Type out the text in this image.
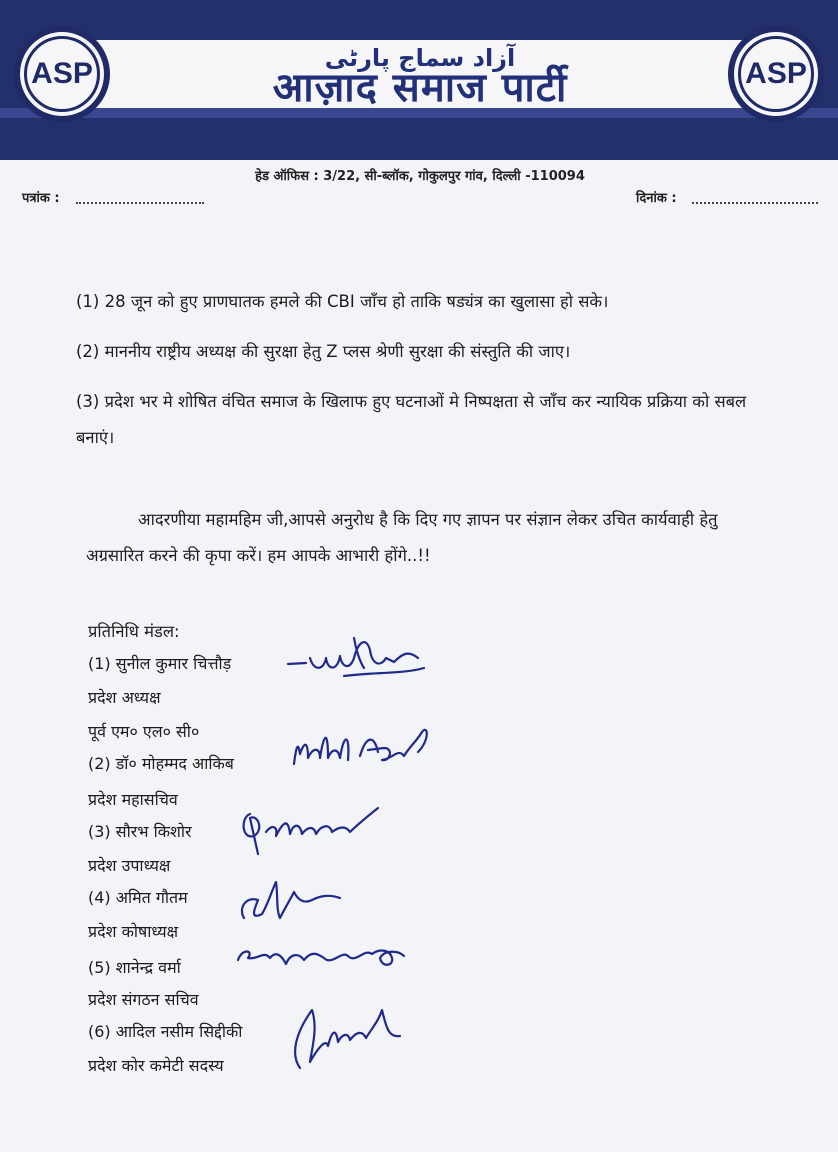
ASP	ASP
آزاد سماج پارٹی
आज़ाद समाज पार्टी
हेड ऑफिस : 3/22, सी-ब्लॉक, गोकुलपुर गांव, दिल्ली -110094
पत्रांक :	दिनांक :
(1) 28 जून को हुए प्राणघातक हमले की CBI जाँच हो ताकि षड्यंत्र का खुलासा हो सके।
(2) माननीय राष्ट्रीय अध्यक्ष की सुरक्षा हेतु Z प्लस श्रेणी सुरक्षा की संस्तुति की जाए।
(3) प्रदेश भर मे शोषित वंचित समाज के खिलाफ हुए घटनाओं मे निष्पक्षता से जाँच कर न्यायिक प्रक्रिया को सबल बनाएं।
आदरणीया महामहिम जी,आपसे अनुरोध है कि दिए गए ज्ञापन पर संज्ञान लेकर उचित कार्यवाही हेतु अग्रसारित करने की कृपा करें। हम आपके आभारी होंगे..!!
प्रतिनिधि मंडल:
(1) सुनील कुमार चित्तौड़
प्रदेश अध्यक्ष
पूर्व एम० एल० सी०
(2) डॉ० मोहम्मद आकिब
प्रदेश महासचिव
(3) सौरभ किशोर
प्रदेश उपाध्यक्ष
(4) अमित गौतम
प्रदेश कोषाध्यक्ष
(5) शानेन्द्र वर्मा
प्रदेश संगठन सचिव
(6) आदिल नसीम सिद्दीकी
प्रदेश कोर कमेटी सदस्य
